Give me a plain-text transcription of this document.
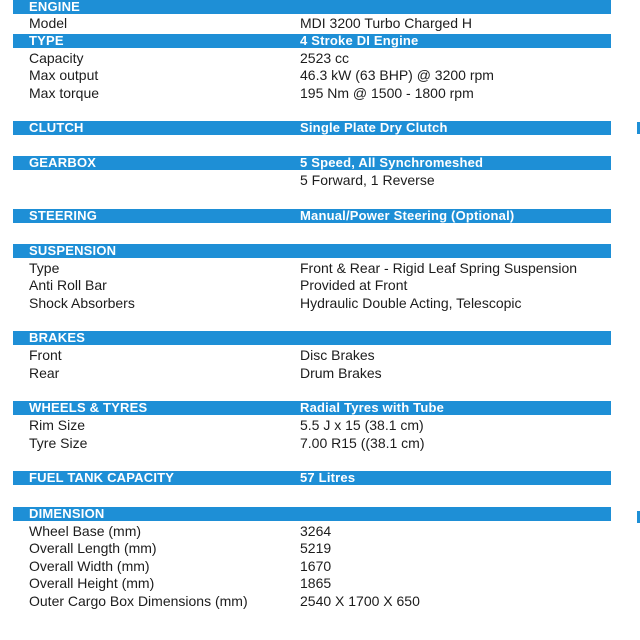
ENGINE
Model	MDI 3200 Turbo Charged H
TYPE	4 Stroke DI Engine
Capacity	2523 cc
Max output	46.3 kW (63 BHP) @ 3200 rpm
Max torque	195 Nm @ 1500 - 1800 rpm
CLUTCH	Single Plate Dry Clutch
GEARBOX	5 Speed, All Synchromeshed
5 Forward, 1 Reverse
STEERING	Manual/Power Steering (Optional)
SUSPENSION
Type	Front & Rear - Rigid Leaf Spring Suspension
Anti Roll Bar	Provided at Front
Shock Absorbers	Hydraulic Double Acting, Telescopic
BRAKES
Front	Disc Brakes
Rear	Drum Brakes
WHEELS & TYRES	Radial Tyres with Tube
Rim Size	5.5 J x 15 (38.1 cm)
Tyre Size	7.00 R15 ((38.1 cm)
FUEL TANK CAPACITY	57 Litres
DIMENSION
Wheel Base (mm)	3264
Overall Length (mm)	5219
Overall Width (mm)	1670
Overall Height (mm)	1865
Outer Cargo Box Dimensions (mm)	2540 X 1700 X 650
